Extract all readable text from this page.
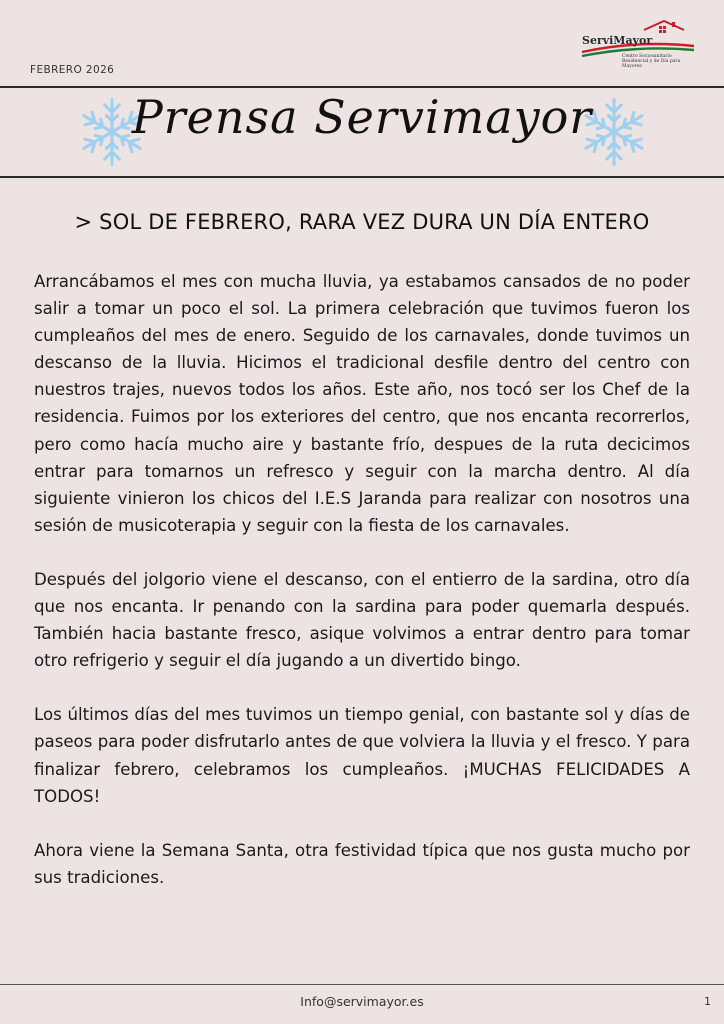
FEBRERO 2026
ServiMayor
Centro Sociosanitario Residencial y de Día para Mayores
Prensa Servimayor
> SOL DE FEBRERO, RARA VEZ DURA UN DÍA ENTERO

Arrancábamos el mes con mucha lluvia, ya estabamos cansados de no poder salir a tomar un poco el sol. La primera celebración que tuvimos fueron los cumpleaños del mes de enero. Seguido de los carnavales, donde tuvimos un descanso de la lluvia. Hicimos el tradicional desfile dentro del centro con nuestros trajes, nuevos todos los años. Este año, nos tocó ser los Chef de la residencia. Fuimos por los exteriores del centro, que nos encanta recorrerlos, pero como hacía mucho aire y bastante frío, despues de la ruta decicimos entrar para tomarnos un refresco y seguir con la marcha dentro. Al día siguiente vinieron los chicos del I.E.S Jaranda para realizar con nosotros una sesión de musicoterapia y seguir con la fiesta de los carnavales.

Después del jolgorio viene el descanso, con el entierro de la sardina, otro día que nos encanta. Ir penando con la sardina para poder quemarla después. También hacia bastante fresco, asique volvimos a entrar dentro para tomar otro refrigerio y seguir el día jugando a un divertido bingo.

Los últimos días del mes tuvimos un tiempo genial, con bastante sol y días de paseos para poder disfrutarlo antes de que volviera la lluvia y el fresco. Y para finalizar febrero, celebramos los cumpleaños. ¡MUCHAS FELICIDADES A TODOS!

Ahora viene la Semana Santa, otra festividad típica que nos gusta mucho por sus tradiciones.

Info@servimayor.es	1
